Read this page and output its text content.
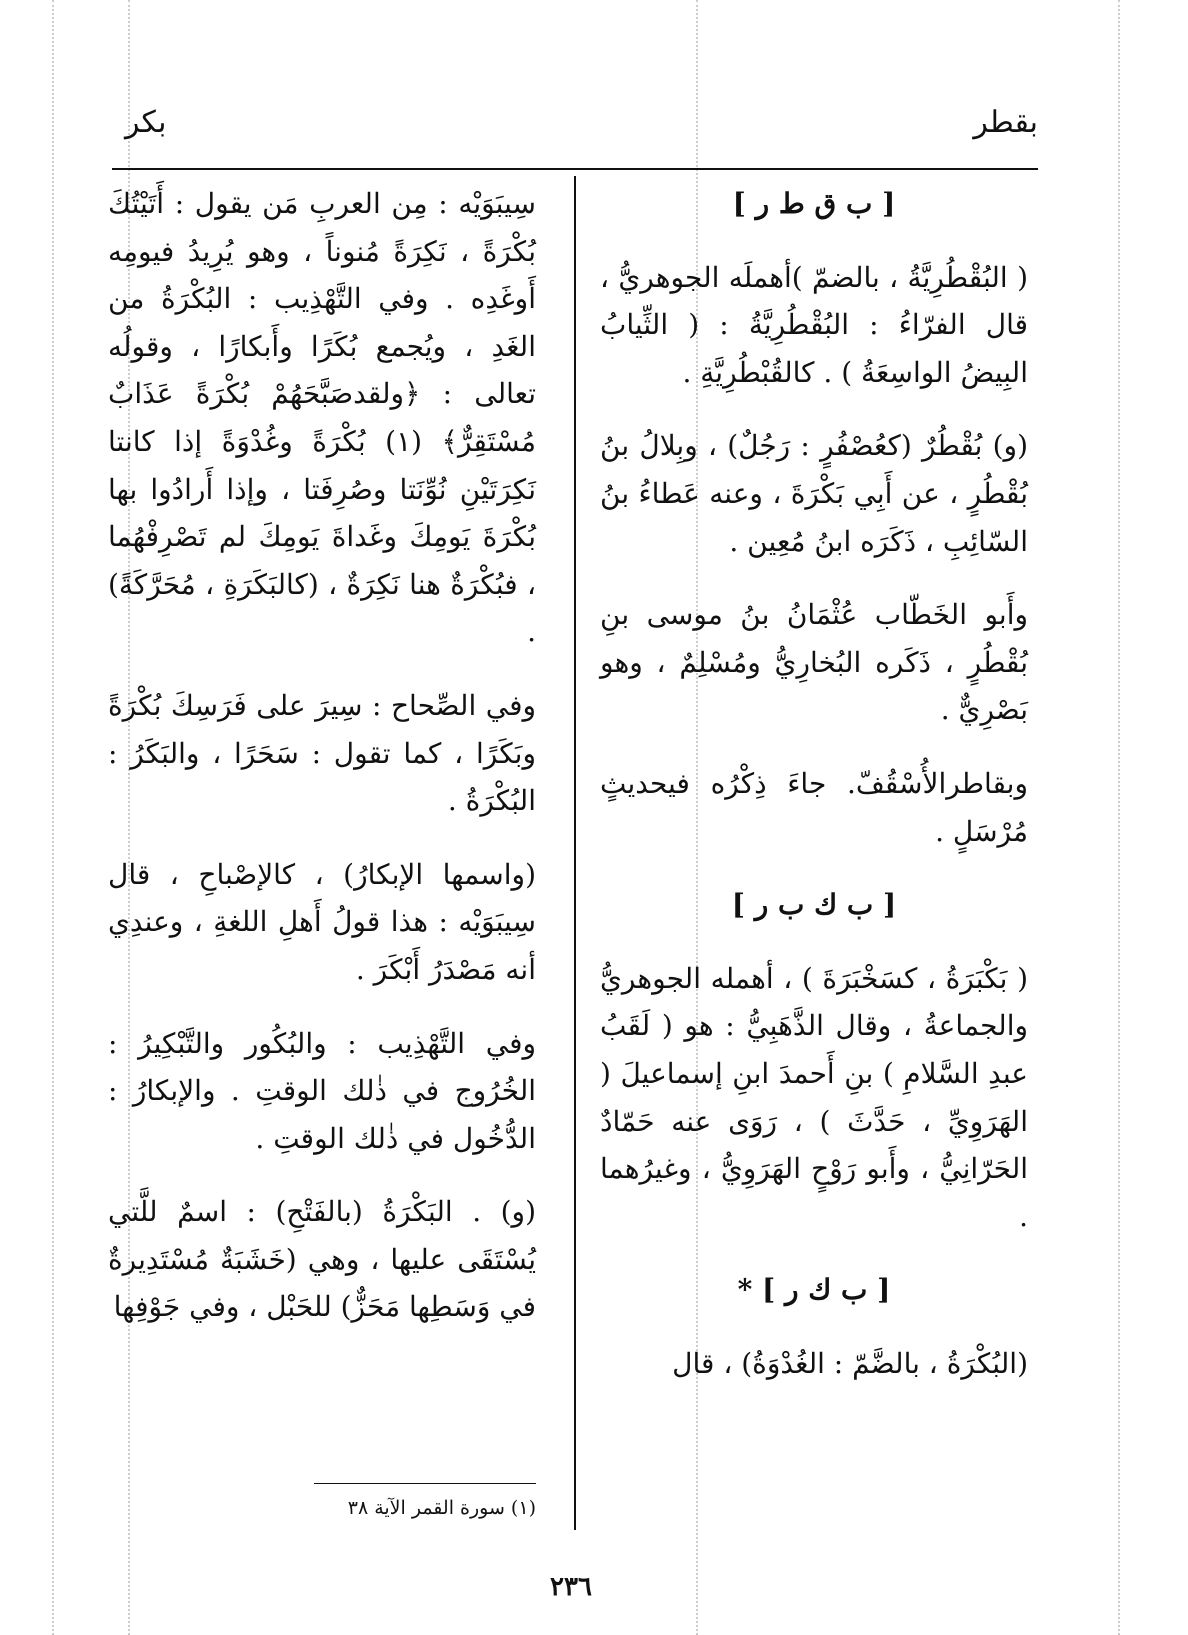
بقطر
بكر

[ ب ق ط ر ]

( البُقْطُرِيَّةُ ، بالضمّ )أهملَه الجوهريُّ ، قال الفرّاءُ : البُقْطُرِيَّةُ : ( الثِّيابُ البِيضُ الواسِعَةُ ) . كالقُبْطُرِيَّةِ .

(و) بُقْطُرٌ (كعُصْفُرٍ : رَجُلٌ) ، وبِلالُ بنُ بُقْطُرٍ ، عن أَبِي بَكْرَةَ ، وعنه عَطاءُ بنُ السّائِبِ ، ذَكَرَه ابنُ مُعِين .

وأَبو الخَطّاب عُثْمَانُ بنُ موسى بنِ بُقْطُرٍ ، ذَكَره البُخارِيُّ ومُسْلِمٌ ، وهو بَصْرِيٌّ .

وبقاطرالأُسْقُفّ. جاءَ ذِكْرُه فيحديثٍ مُرْسَلٍ .

[ ب ك ب ر ]

( بَكْبَرَةُ ، كسَخْبَرَةَ ) ، أهمله الجوهريُّ والجماعةُ ، وقال الذَّهَبِيُّ : هو ( لَقَبُ عبدِ السَّلامِ ) بنِ أَحمدَ ابنِ إسماعيلَ ( الهَرَوِيِّ ، حَدَّثَ ) ، رَوَى عنه حَمّادٌ الحَرّانِيُّ ، وأَبو رَوْحٍ الهَرَوِيُّ ، وغيرُهما .

[ ب ك ر ] *

(البُكْرَةُ ، بالضَّمّ : الغُدْوَةُ) ، قال

سِيبَوَيْه : مِن العربِ مَن يقول : أَتَيْتُكَ بُكْرَةً ، نَكِرَةً مُنوناً ، وهو يُرِيدُ فيومِه أَوغَدِه . وفي التَّهْذِيب : البُكْرَةُ من الغَدِ ، ويُجمع بُكَرًا وأَبكارًا ، وقولُه تعالى : ﴿ولقدصَبَّحَهُمْ بُكْرَةً عَذَابٌ مُسْتَقِرٌّ﴾ (١) بُكْرَةً وغُدْوَةً إذا كانتا نَكِرَتَيْنِ نُوِّنَتا وصُرِفَتا ، وإذا أَرادُوا بها بُكْرَةَ يَومِكَ وغَداةَ يَومِكَ لم تَصْرِفْهُما ، فبُكْرَةٌ هنا نَكِرَةٌ ، (كالبَكَرَةِ ، مُحَرَّكَةً) .

وفي الصِّحاح : سِيرَ على فَرَسِكَ بُكْرَةً وبَكَرًا ، كما تقول : سَحَرًا ، والبَكَرُ : البُكْرَةُ .

(واسمها الإبكارُ) ، كالإصْباحِ ، قال سِيبَوَيْه : هذا قولُ أَهلِ اللغةِ ، وعندِي أنه مَصْدَرُ أَبْكَرَ .

وفي التَّهْذِيب : والبُكُور والتَّبْكِيرُ : الخُرُوج في ذٰلك الوقتِ . والإبكارُ : الدُّخُول في ذٰلك الوقتِ .

(و) . البَكْرَةُ (بالفَتْحِ) : اسمٌ للَّتي يُسْتَقَى عليها ، وهي (خَشَبَةٌ مُسْتَدِيرةٌ في وَسَطِها مَحَزٌّ) للحَبْل ، وفي جَوْفِها

(١) سورة القمر الآية ٣٨
٢٣٦
